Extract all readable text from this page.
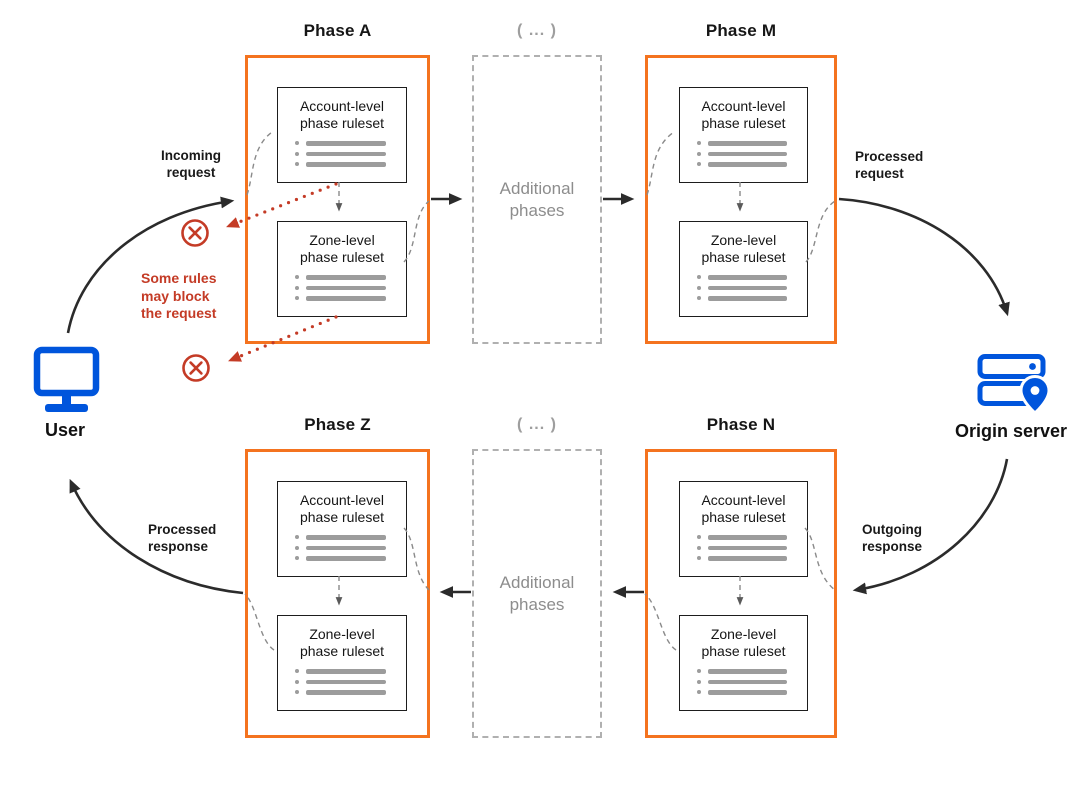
Phase A	Phase M
( ... )
Phase Z	Phase N
( ... )
Account-level
phase ruleset
Zone-level
phase ruleset
Additional phases
Account-level
phase ruleset
Zone-level
phase ruleset
Account-level
phase ruleset
Zone-level
phase ruleset
Additional phases
Account-level
phase ruleset
Zone-level
phase ruleset
Incoming
request
Processed
request
Outgoing
response
Processed
response
Some rules
may block
the request
User	Origin server
